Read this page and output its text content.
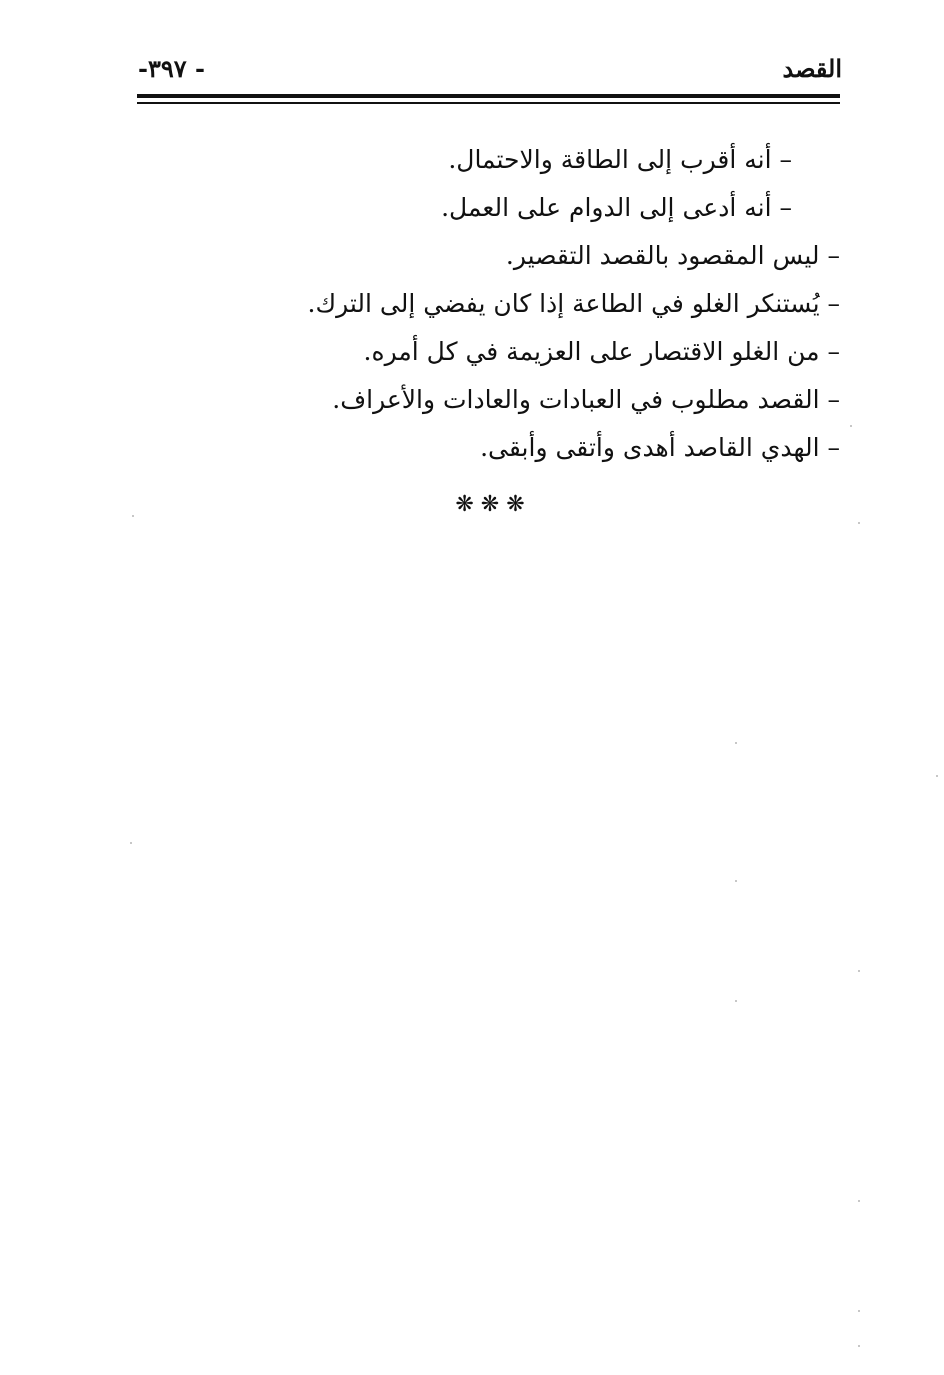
القصد
-٣٩٧ -
– أنه أقرب إلى الطاقة والاحتمال.
– أنه أدعى إلى الدوام على العمل.
– ليس المقصود بالقصد التقصير.
– يُستنكر الغلو في الطاعة إذا كان يفضي إلى الترك.
– من الغلو الاقتصار على العزيمة في كل أمره.
– القصد مطلوب في العبادات والعادات والأعراف.
– الهدي القاصد أهدى وأتقى وأبقى.
❋ ❋ ❋
